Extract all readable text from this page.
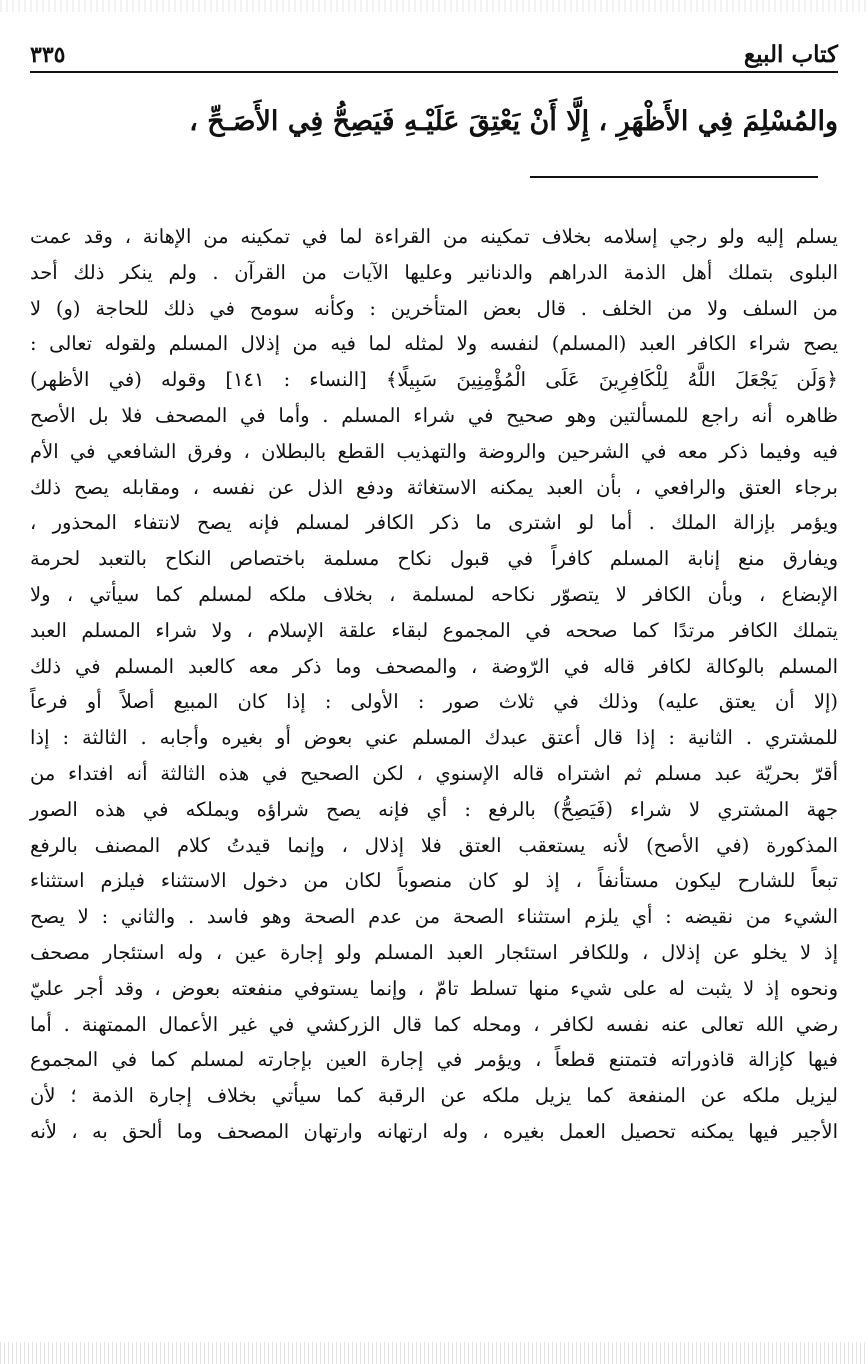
كتاب البيع
٣٣٥
والمُسْلِمَ فِي الأَظْهَرِ ، إِلَّا أَنْ يَعْتِقَ عَلَيْـهِ فَيَصِحُّ فِي الأَصَـحِّ ،
يسلم إليه ولو رجي إسلامه بخلاف تمكينه من القراءة لما في تمكينه من الإهانة ، وقد عمت
البلوى بتملك أهل الذمة الدراهم والدنانير وعليها الآيات من القرآن . ولم ينكر ذلك أحد
من السلف ولا من الخلف . قال بعض المتأخرين : وكأنه سومح في ذلك للحاجة (و) لا
يصح شراء الكافر العبد (المسلم) لنفسه ولا لمثله لما فيه من إذلال المسلم ولقوله تعالى :
﴿وَلَن يَجْعَلَ اللَّهُ لِلْكَافِرِينَ عَلَى الْمُؤْمِنِينَ سَبِيلًا﴾ [النساء : ١٤١] وقوله (في الأظهر)
ظاهره أنه راجع للمسألتين وهو صحيح في شراء المسلم . وأما في المصحف فلا بل الأصح
فيه وفيما ذكر معه في الشرحين والروضة والتهذيب القطع بالبطلان ، وفرق الشافعي في الأم
برجاء العتق والرافعي ، بأن العبد يمكنه الاستغاثة ودفع الذل عن نفسه ، ومقابله يصح ذلك
ويؤمر بإزالة الملك . أما لو اشترى ما ذكر الكافر لمسلم فإنه يصح لانتفاء المحذور ،
ويفارق منع إنابة المسلم كافراً في قبول نكاح مسلمة باختصاص النكاح بالتعبد لحرمة
الإبضاع ، وبأن الكافر لا يتصوّر نكاحه لمسلمة ، بخلاف ملكه لمسلم كما سيأتي ، ولا
يتملك الكافر مرتدًا كما صححه في المجموع لبقاء علقة الإسلام ، ولا شراء المسلم العبد
المسلم بالوكالة لكافر قاله في الرّوضة ، والمصحف وما ذكر معه كالعبد المسلم في ذلك
(إلا أن يعتق عليه) وذلك في ثلاث صور : الأولى : إذا كان المبيع أصلاً أو فرعاً
للمشتري . الثانية : إذا قال أعتق عبدك المسلم عني بعوض أو بغيره وأجابه . الثالثة : إذا
أقرّ بحريّة عبد مسلم ثم اشتراه قاله الإسنوي ، لكن الصحيح في هذه الثالثة أنه افتداء من
جهة المشتري لا شراء (فَيَصِحُّ) بالرفع : أي فإنه يصح شراؤه ويملكه في هذه الصور
المذكورة (في الأصح) لأنه يستعقب العتق فلا إذلال ، وإنما قيدتُ كلام المصنف بالرفع
تبعاً للشارح ليكون مستأنفاً ، إذ لو كان منصوباً لكان من دخول الاستثناء فيلزم استثناء
الشيء من نقيضه : أي يلزم استثناء الصحة من عدم الصحة وهو فاسد . والثاني : لا يصح
إذ لا يخلو عن إذلال ، وللكافر استئجار العبد المسلم ولو إجارة عين ، وله استئجار مصحف
ونحوه إذ لا يثبت له على شيء منها تسلط تامّ ، وإنما يستوفي منفعته بعوض ، وقد أجر عليّ
رضي الله تعالى عنه نفسه لكافر ، ومحله كما قال الزركشي في غير الأعمال الممتهنة . أما
فيها كإزالة قاذوراته فتمتنع قطعاً ، ويؤمر في إجارة العين بإجارته لمسلم كما في المجموع
ليزيل ملكه عن المنفعة كما يزيل ملكه عن الرقبة كما سيأتي بخلاف إجارة الذمة ؛ لأن
الأجير فيها يمكنه تحصيل العمل بغيره ، وله ارتهانه وارتهان المصحف وما ألحق به ، لأنه
